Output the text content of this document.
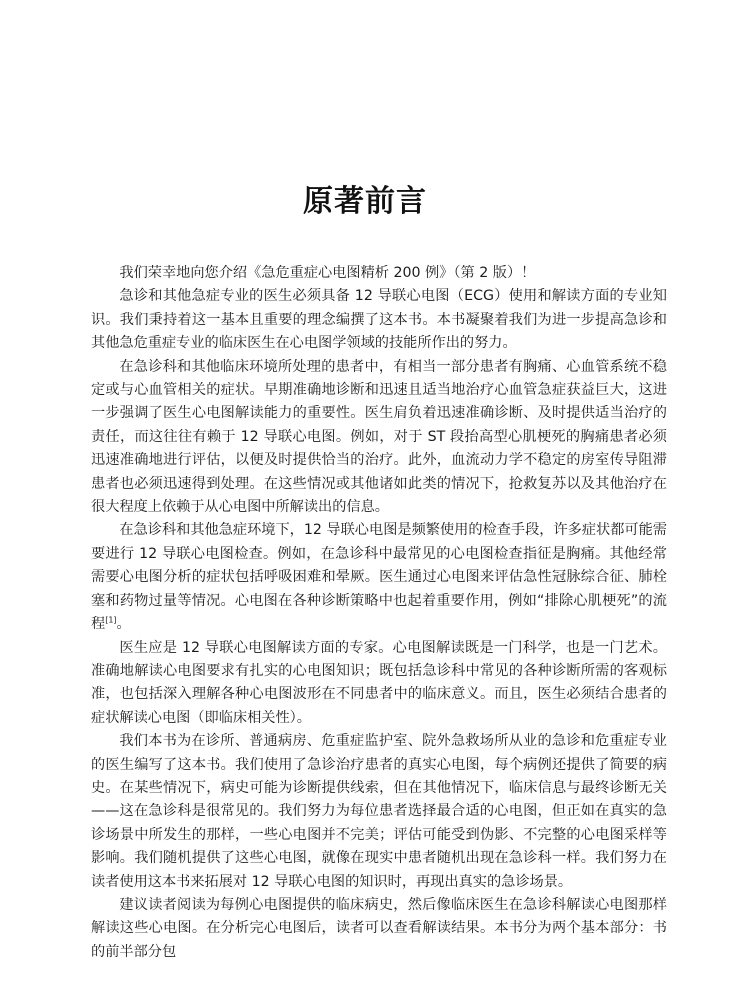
原著前言

我们荣幸地向您介绍《急危重症心电图精析 200 例》（第 2 版）！

急诊和其他急症专业的医生必须具备 12 导联心电图（ECG）使用和解读方面的专业知识。我们秉持着这一基本且重要的理念编撰了这本书。本书凝聚着我们为进一步提高急诊和其他急危重症专业的临床医生在心电图学领域的技能所作出的努力。

在急诊科和其他临床环境所处理的患者中，有相当一部分患者有胸痛、心血管系统不稳定或与心血管相关的症状。早期准确地诊断和迅速且适当地治疗心血管急症获益巨大，这进一步强调了医生心电图解读能力的重要性。医生肩负着迅速准确诊断、及时提供适当治疗的责任，而这往往有赖于 12 导联心电图。例如，对于 ST 段抬高型心肌梗死的胸痛患者必须迅速准确地进行评估，以便及时提供恰当的治疗。此外，血流动力学不稳定的房室传导阻滞患者也必须迅速得到处理。在这些情况或其他诸如此类的情况下，抢救复苏以及其他治疗在很大程度上依赖于从心电图中所解读出的信息。

在急诊科和其他急症环境下，12 导联心电图是频繁使用的检查手段，许多症状都可能需要进行 12 导联心电图检查。例如，在急诊科中最常见的心电图检查指征是胸痛。其他经常需要心电图分析的症状包括呼吸困难和晕厥。医生通过心电图来评估急性冠脉综合征、肺栓塞和药物过量等情况。心电图在各种诊断策略中也起着重要作用，例如“排除心肌梗死”的流程[1]。

医生应是 12 导联心电图解读方面的专家。心电图解读既是一门科学，也是一门艺术。准确地解读心电图要求有扎实的心电图知识；既包括急诊科中常见的各种诊断所需的客观标准，也包括深入理解各种心电图波形在不同患者中的临床意义。而且，医生必须结合患者的症状解读心电图（即临床相关性）。

我们本书为在诊所、普通病房、危重症监护室、院外急救场所从业的急诊和危重症专业的医生编写了这本书。我们使用了急诊治疗患者的真实心电图，每个病例还提供了简要的病史。在某些情况下，病史可能为诊断提供线索，但在其他情况下，临床信息与最终诊断无关——这在急诊科是很常见的。我们努力为每位患者选择最合适的心电图，但正如在真实的急诊场景中所发生的那样，一些心电图并不完美；评估可能受到伪影、不完整的心电图采样等影响。我们随机提供了这些心电图，就像在现实中患者随机出现在急诊科一样。我们努力在读者使用这本书来拓展对 12 导联心电图的知识时，再现出真实的急诊场景。

建议读者阅读为每例心电图提供的临床病史，然后像临床医生在急诊科解读心电图那样解读这些心电图。在分析完心电图后，读者可以查看解读结果。本书分为两个基本部分：书的前半部分包
